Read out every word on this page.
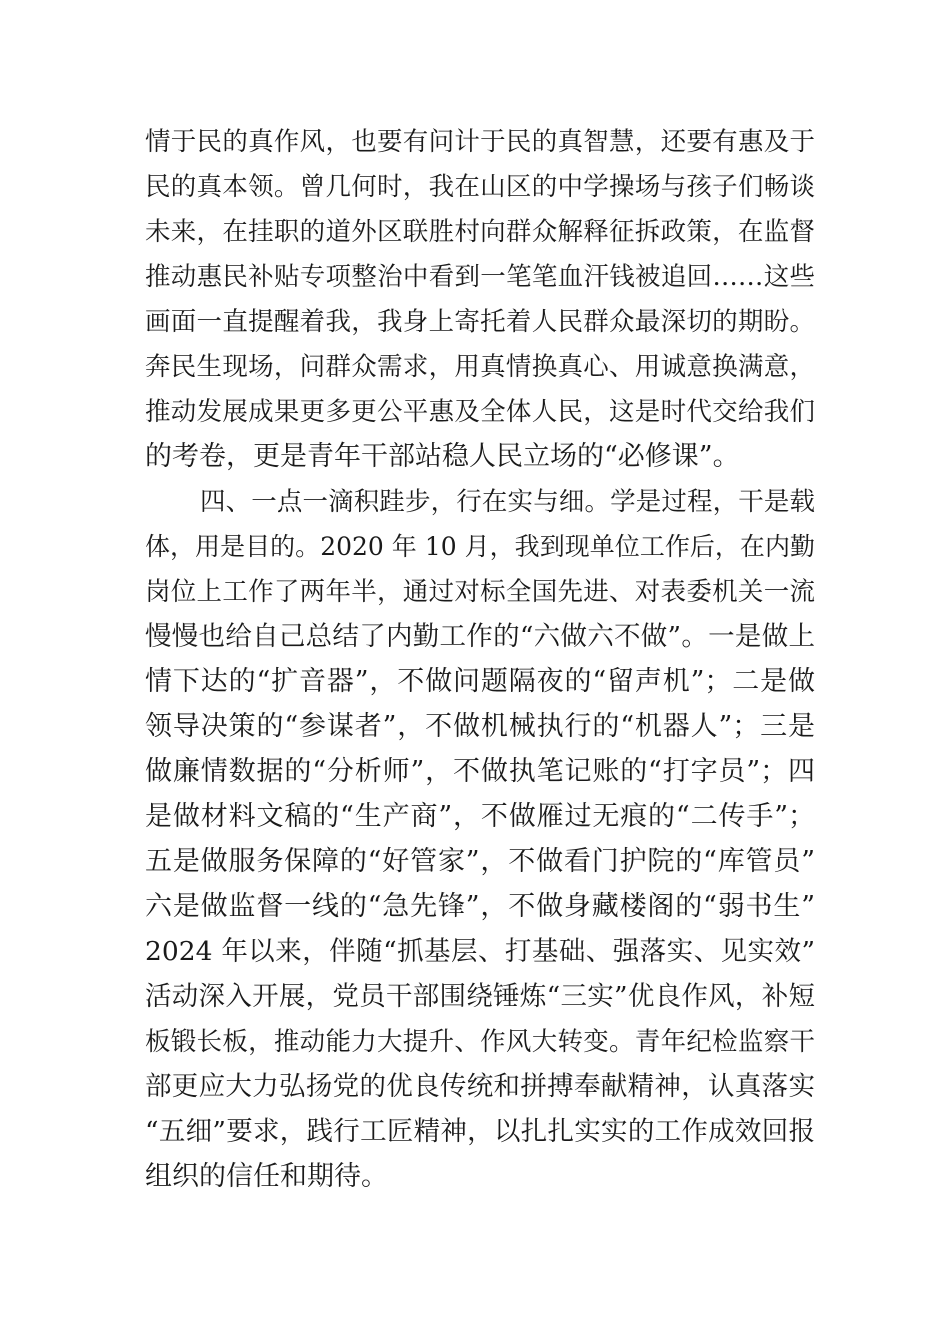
情于民的真作风，也要有问计于民的真智慧，还要有惠及于
民的真本领。曾几何时，我在山区的中学操场与孩子们畅谈
未来，在挂职的道外区联胜村向群众解释征拆政策，在监督
推动惠民补贴专项整治中看到一笔笔血汗钱被追回……这些
画面一直提醒着我，我身上寄托着人民群众最深切的期盼。
奔民生现场，问群众需求，用真情换真心、用诚意换满意，
推动发展成果更多更公平惠及全体人民，这是时代交给我们
的考卷，更是青年干部站稳人民立场的“必修课”。
四、一点一滴积跬步，行在实与细。学是过程，干是载
体，用是目的。2020 年 10 月，我到现单位工作后，在内勤
岗位上工作了两年半，通过对标全国先进、对表委机关一流
慢慢也给自己总结了内勤工作的“六做六不做”。一是做上
情下达的“扩音器”，不做问题隔夜的“留声机”；二是做
领导决策的“参谋者”，不做机械执行的“机器人”；三是
做廉情数据的“分析师”，不做执笔记账的“打字员”；四
是做材料文稿的“生产商”，不做雁过无痕的“二传手”；
五是做服务保障的“好管家”，不做看门护院的“库管员”
六是做监督一线的“急先锋”，不做身藏楼阁的“弱书生”
2024 年以来，伴随“抓基层、打基础、强落实、见实效”
活动深入开展，党员干部围绕锤炼“三实”优良作风，补短
板锻长板，推动能力大提升、作风大转变。青年纪检监察干
部更应大力弘扬党的优良传统和拼搏奉献精神，认真落实
“五细”要求，践行工匠精神，以扎扎实实的工作成效回报
组织的信任和期待。
